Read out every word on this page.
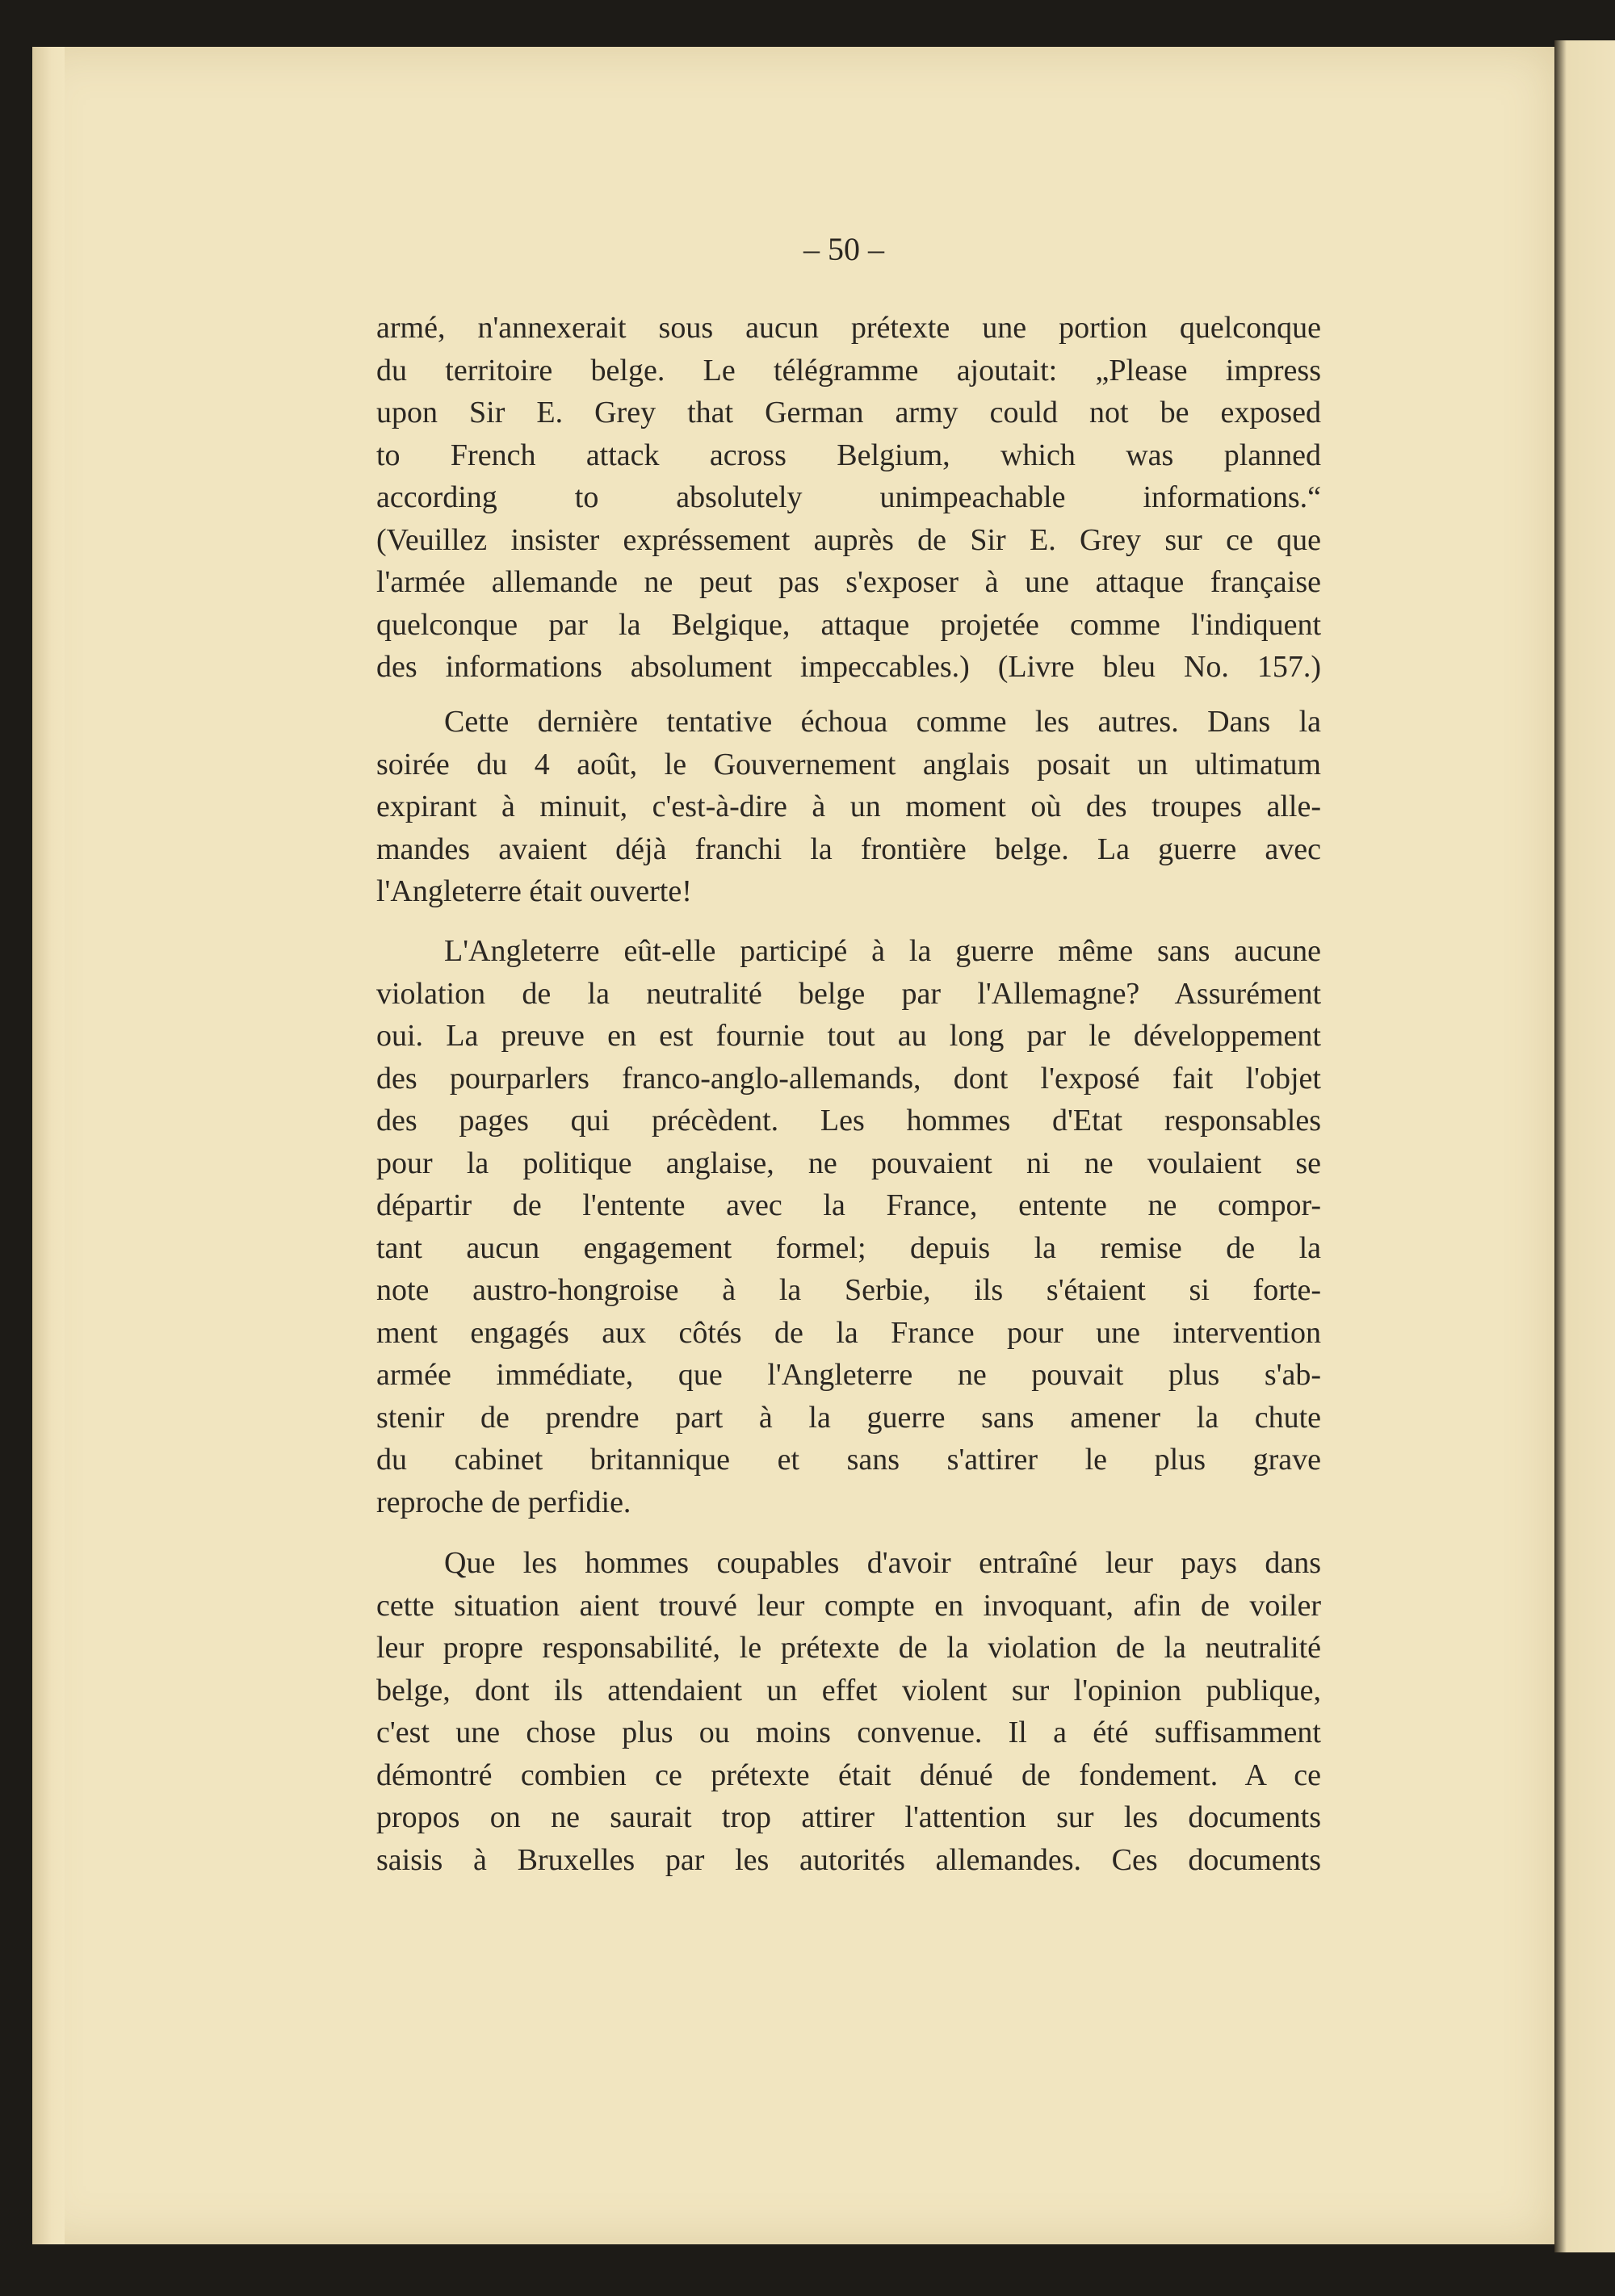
– 50 –
armé, n'annexerait sous aucun prétexte une portion quelconque
du territoire belge. Le télégramme ajoutait: „Please impress
upon Sir E. Grey that German army could not be exposed
to French attack across Belgium, which was planned
according to absolutely unimpeachable informations.“
(Veuillez insister expréssement auprès de Sir E. Grey sur ce que
l'armée allemande ne peut pas s'exposer à une attaque française
quelconque par la Belgique, attaque projetée comme l'indiquent
des informations absolument impeccables.) (Livre bleu No. 157.)
Cette dernière tentative échoua comme les autres. Dans la
soirée du 4 août, le Gouvernement anglais posait un ultimatum
expirant à minuit, c'est-à-dire à un moment où des troupes alle-
mandes avaient déjà franchi la frontière belge. La guerre avec
l'Angleterre était ouverte!
L'Angleterre eût-elle participé à la guerre même sans aucune
violation de la neutralité belge par l'Allemagne? Assurément
oui. La preuve en est fournie tout au long par le développement
des pourparlers franco-anglo-allemands, dont l'exposé fait l'objet
des pages qui précèdent. Les hommes d'Etat responsables
pour la politique anglaise, ne pouvaient ni ne voulaient se
départir de l'entente avec la France, entente ne compor-
tant aucun engagement formel; depuis la remise de la
note austro-hongroise à la Serbie, ils s'étaient si forte-
ment engagés aux côtés de la France pour une intervention
armée immédiate, que l'Angleterre ne pouvait plus s'ab-
stenir de prendre part à la guerre sans amener la chute
du cabinet britannique et sans s'attirer le plus grave
reproche de perfidie.
Que les hommes coupables d'avoir entraîné leur pays dans
cette situation aient trouvé leur compte en invoquant, afin de voiler
leur propre responsabilité, le prétexte de la violation de la neutralité
belge, dont ils attendaient un effet violent sur l'opinion publique,
c'est une chose plus ou moins convenue. Il a été suffisamment
démontré combien ce prétexte était dénué de fondement. A ce
propos on ne saurait trop attirer l'attention sur les documents
saisis à Bruxelles par les autorités allemandes. Ces documents
